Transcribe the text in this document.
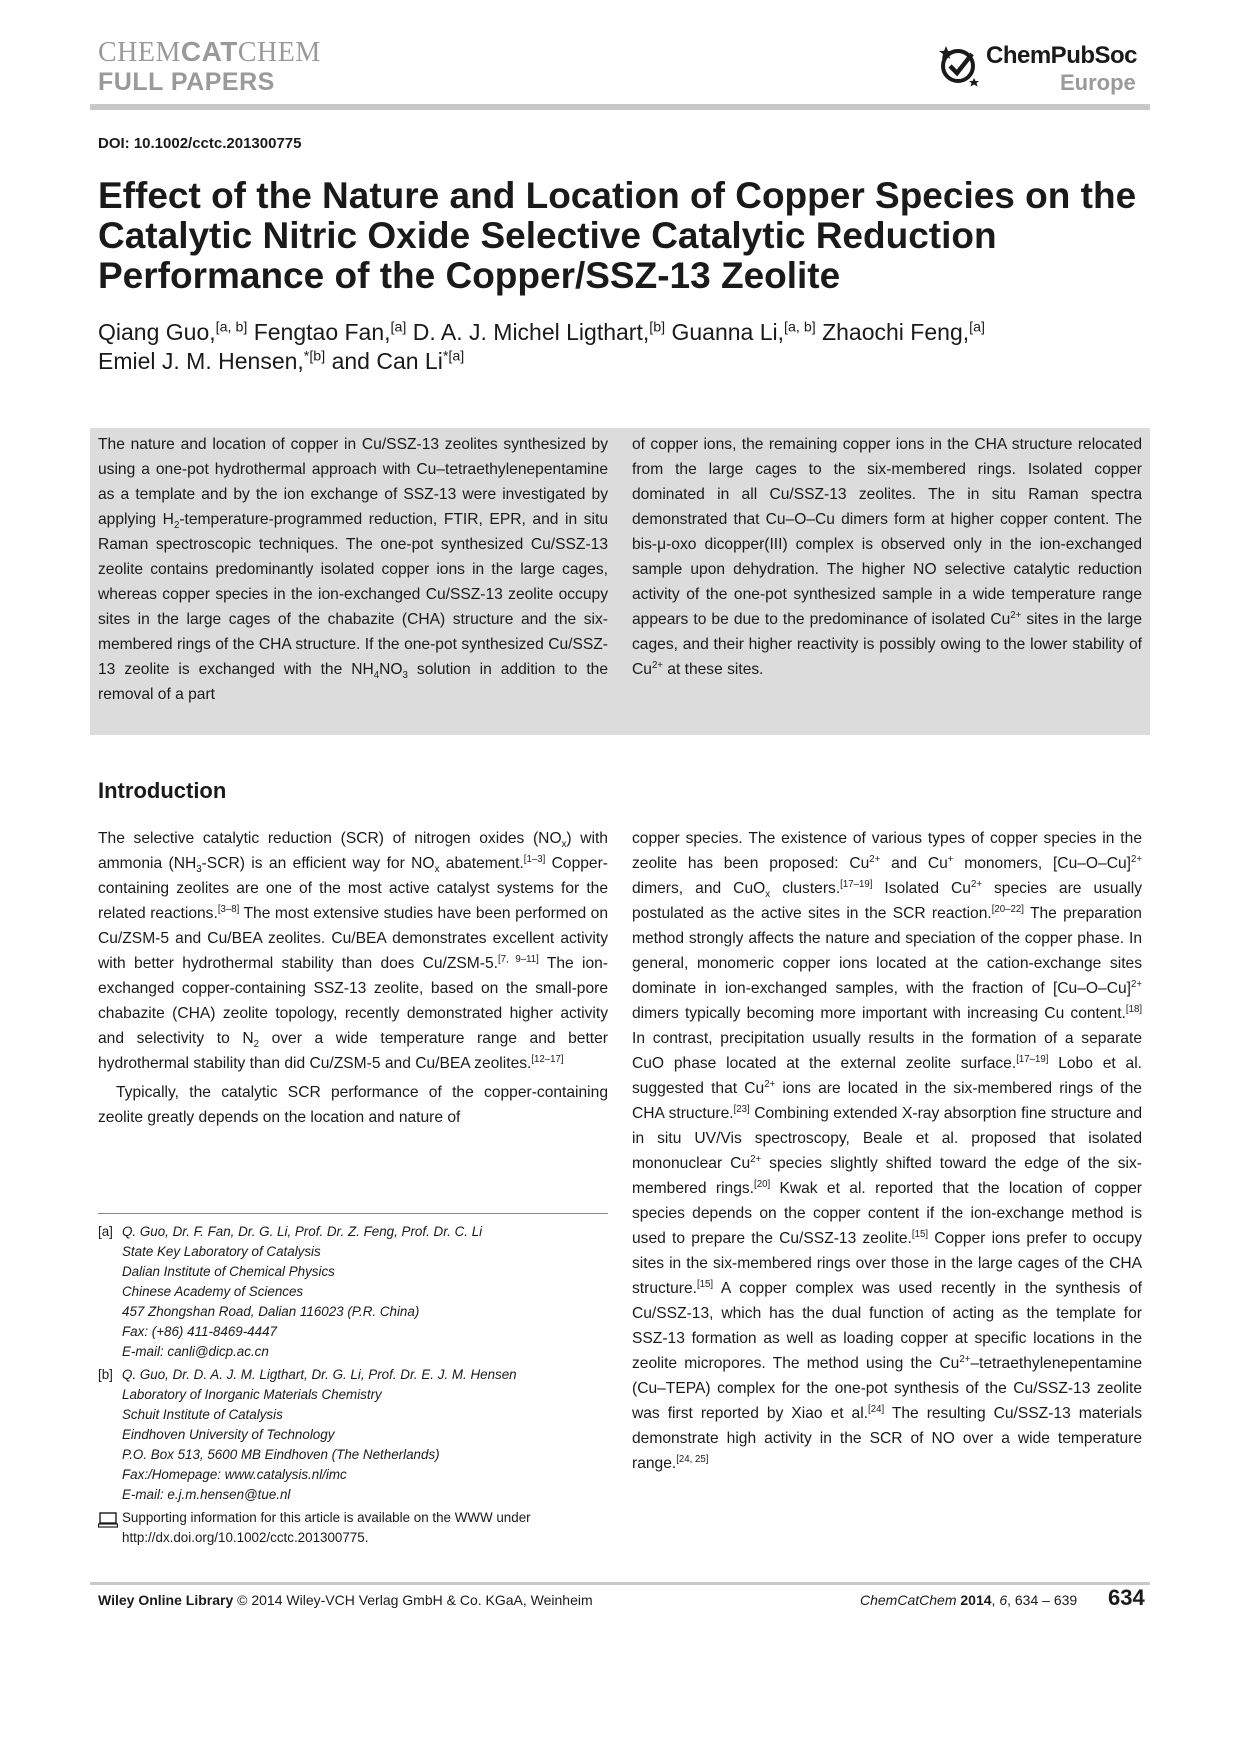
CHEMCATCHEM
FULL PAPERS
ChemPubSoc
Europe
DOI: 10.1002/cctc.201300775
Effect of the Nature and Location of Copper Species on the Catalytic Nitric Oxide Selective Catalytic Reduction Performance of the Copper/SSZ-13 Zeolite
Qiang Guo,[a, b] Fengtao Fan,[a] D. A. J. Michel Ligthart,[b] Guanna Li,[a, b] Zhaochi Feng,[a]
Emiel J. M. Hensen,$^{*[b]}$ and Can $Li^{*[a]}$
The nature and location of copper in Cu/SSZ-13 zeolites synthesized by using a one-pot hydrothermal approach with Cu–tetraethylenepentamine as a template and by the ion exchange of SSZ-13 were investigated by applying $H_2-temperature$-programmed reduction, FTIR, EPR, and in situ Raman spectroscopic techniques. The one-pot synthesized Cu/SSZ-13 zeolite contains predominantly isolated copper ions in the large cages, whereas copper species in the ion-exchanged Cu/SSZ-13 zeolite occupy sites in the large cages of the chabazite (CHA) structure and the six-membered rings of the CHA structure. If the one-pot synthesized Cu/SSZ-13 zeolite is exchanged with the $NH_4NO_3$ solution in addition to the removal of a part
of copper ions, the remaining copper ions in the CHA structure relocated from the large cages to the six-membered rings. Isolated copper dominated in all Cu/SSZ-13 zeolites. The in situ Raman spectra demonstrated that Cu–O–Cu dimers form at higher copper content. The bis-μ-oxo dicopper(III) complex is observed only in the ion-exchanged sample upon dehydration. The higher NO selective catalytic reduction activity of the one-pot synthesized sample in a wide temperature range appears to be due to the predominance of isolated $Cu^{2+}$ sites in the large cages, and their higher reactivity is possibly owing to the lower stability of $Cu^{2+}$ at these sites.
Introduction
The selective catalytic reduction (SCR) of nitrogen oxides $(NO_x)$ with ammonia $(NH_3-SCR)$ is an efficient way for $NO_x$ abatement.[1–3] Copper-containing zeolites are one of the most active catalyst systems for the related reactions.[3–8] The most extensive studies have been performed on Cu/ZSM-5 and Cu/BEA zeolites. Cu/BEA demonstrates excellent activity with better hydrothermal stability than does Cu/ZSM-5.[7, 9–11] The ion-exchanged copper-containing SSZ-13 zeolite, based on the small-pore chabazite (CHA) zeolite topology, recently demonstrated higher activity and selectivity to $N_2$ over a wide temperature range and better hydrothermal stability than did Cu/ZSM-5 and Cu/BEA zeolites.[12–17]
Typically, the catalytic SCR performance of the copper-containing zeolite greatly depends on the location and nature of
copper species. The existence of various types of copper species in the zeolite has been proposed: $Cu^{2+}$ and Cu+ monomers, $[Cu-O-Cu]^{2+}$ dimers, and CuO$_x$ clusters.[17–19] Isolated $Cu^{2+}$ species are usually postulated as the active sites in the SCR reaction.[20–22] The preparation method strongly affects the nature and speciation of the copper phase. In general, monomeric copper ions located at the cation-exchange sites dominate in ion-exchanged samples, with the fraction of $[Cu-O-Cu]^{2+}$ dimers typically becoming more important with increasing Cu content.[18] In contrast, precipitation usually results in the formation of a separate CuO phase located at the external zeolite surface.[17–19] Lobo et al. suggested that $Cu^{2+}$ ions are located in the six-membered rings of the CHA structure.[23] Combining extended X-ray absorption fine structure and in situ UV/Vis spectroscopy, Beale et al. proposed that isolated mononuclear $Cu^{2+}$ species slightly shifted toward the edge of the six-membered rings.[20] Kwak et al. reported that the location of copper species depends on the copper content if the ion-exchange method is used to prepare the Cu/SSZ-13 zeolite.[15] Copper ions prefer to occupy sites in the six-membered rings over those in the large cages of the CHA structure.[15] A copper complex was used recently in the synthesis of Cu/SSZ-13, which has the dual function of acting as the template for SSZ-13 formation as well as loading copper at specific locations in the zeolite micropores. The method using the $Cu^{2+}$–tetraethylenepentamine (Cu–TEPA) complex for the one-pot synthesis of the Cu/SSZ-13 zeolite was first reported by Xiao et al.[24] The resulting Cu/SSZ-13 materials demonstrate high activity in the SCR of NO over a wide temperature range.[24, 25]
[a] Q. Guo, Dr. F. Fan, Dr. G. Li, Prof. Dr. Z. Feng, Prof. Dr. C. Li
State Key Laboratory of Catalysis
Dalian Institute of Chemical Physics
Chinese Academy of Sciences
457 Zhongshan Road, Dalian 116023 (P.R. China)
Fax: (+86) 411-8469-4447
E-mail: canli@dicp.ac.cn
[b] Q. Guo, Dr. D. A. J. M. Ligthart, Dr. G. Li, Prof. Dr. E. J. M. Hensen
Laboratory of Inorganic Materials Chemistry
Schuit Institute of Catalysis
Eindhoven University of Technology
P.O. Box 513, 5600 MB Eindhoven (The Netherlands)
Fax:/Homepage: www.catalysis.nl/imc
E-mail: e.j.m.hensen@tue.nl
Supporting information for this article is available on the WWW under
http://dx.doi.org/10.1002/cctc.201300775.
Wiley Online Library © 2014 Wiley-VCH Verlag GmbH & Co. KGaA, Weinheim	ChemCatChem 2014, 6, 634 – 639 634
